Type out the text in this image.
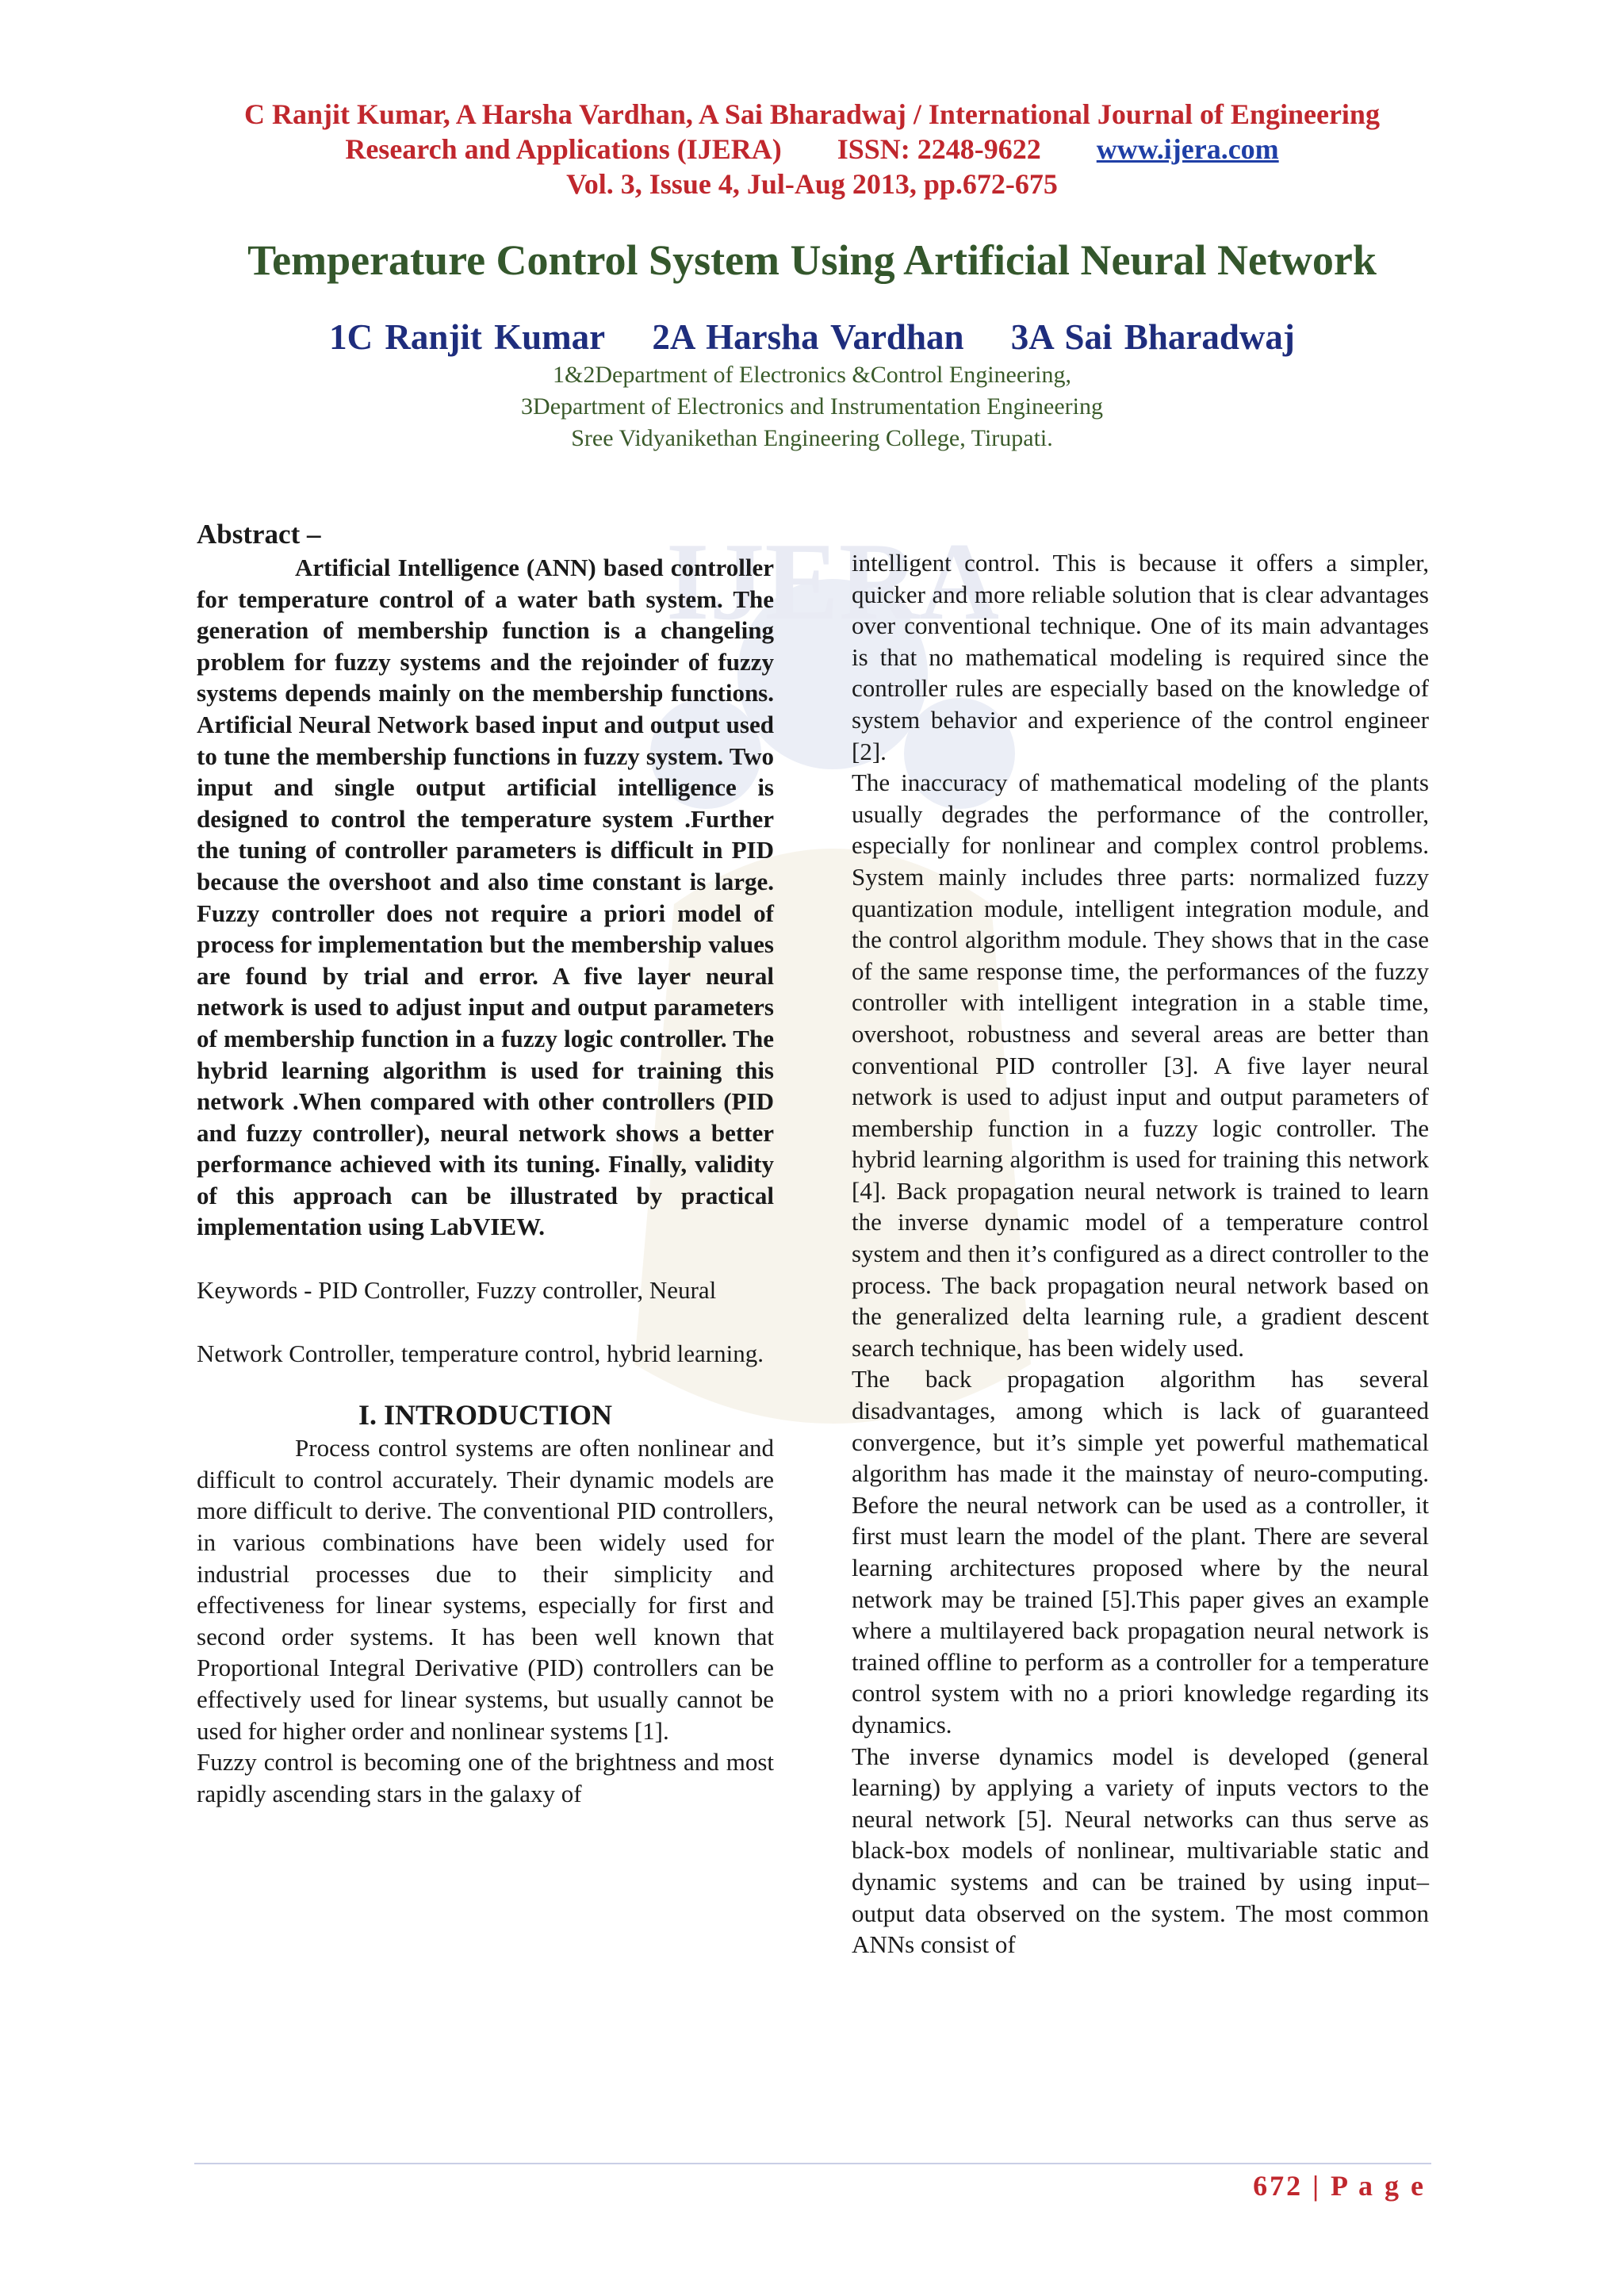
IJERA
C Ranjit Kumar, A Harsha Vardhan, A Sai Bharadwaj / International Journal of Engineering
Research and Applications (IJERA) ISSN: 2248-9622 www.ijera.com
Vol. 3, Issue 4, Jul-Aug 2013, pp.672-675
Temperature Control System Using Artificial Neural Network
1C Ranjit Kumar 2A Harsha Vardhan 3A Sai Bharadwaj
1&2Department of Electronics &Control Engineering,
3Department of Electronics and Instrumentation Engineering
Sree Vidyanikethan Engineering College, Tirupati.

Abstract –

Artificial Intelligence (ANN) based controller for temperature control of a water bath system. The generation of membership function is a changeling problem for fuzzy systems and the rejoinder of fuzzy systems depends mainly on the membership functions. Artificial Neural Network based input and output used to tune the membership functions in fuzzy system. Two input and single output artificial intelligence is designed to control the temperature system .Further the tuning of controller parameters is difficult in PID because the overshoot and also time constant is large. Fuzzy controller does not require a priori model of process for implementation but the membership values are found by trial and error. A five layer neural network is used to adjust input and output parameters of membership function in a fuzzy logic controller. The hybrid learning algorithm is used for training this network .When compared with other controllers (PID and fuzzy controller), neural network shows a better performance achieved with its tuning. Finally, validity of this approach can be illustrated by practical implementation using LabVIEW.

Keywords - PID Controller, Fuzzy controller, Neural

Network Controller, temperature control, hybrid learning.

I. INTRODUCTION

Process control systems are often nonlinear and difficult to control accurately. Their dynamic models are more difficult to derive. The conventional PID controllers, in various combinations have been widely used for industrial processes due to their simplicity and effectiveness for linear systems, especially for first and second order systems. It has been well known that Proportional Integral Derivative (PID) controllers can be effectively used for linear systems, but usually cannot be used for higher order and nonlinear systems [1].

Fuzzy control is becoming one of the brightness and most rapidly ascending stars in the galaxy of

intelligent control. This is because it offers a simpler, quicker and more reliable solution that is clear advantages over conventional technique. One of its main advantages is that no mathematical modeling is required since the controller rules are especially based on the knowledge of system behavior and experience of the control engineer [2].

The inaccuracy of mathematical modeling of the plants usually degrades the performance of the controller, especially for nonlinear and complex control problems. System mainly includes three parts: normalized fuzzy quantization module, intelligent integration module, and the control algorithm module. They shows that in the case of the same response time, the performances of the fuzzy controller with intelligent integration in a stable time, overshoot, robustness and several areas are better than conventional PID controller [3]. A five layer neural network is used to adjust input and output parameters of membership function in a fuzzy logic controller. The hybrid learning algorithm is used for training this network [4]. Back propagation neural network is trained to learn the inverse dynamic model of a temperature control system and then it’s configured as a direct controller to the process. The back propagation neural network based on the generalized delta learning rule, a gradient descent search technique, has been widely used.

The back propagation algorithm has several disadvantages, among which is lack of guaranteed convergence, but it’s simple yet powerful mathematical algorithm has made it the mainstay of neuro-computing. Before the neural network can be used as a controller, it first must learn the model of the plant. There are several learning architectures proposed where by the neural network may be trained [5].This paper gives an example where a multilayered back propagation neural network is trained offline to perform as a controller for a temperature control system with no a priori knowledge regarding its dynamics.

The inverse dynamics model is developed (general learning) by applying a variety of inputs vectors to the neural network [5]. Neural networks can thus serve as black-box models of nonlinear, multivariable static and dynamic systems and can be trained by using input– output data observed on the system. The most common ANNs consist of

672 | P a g e
